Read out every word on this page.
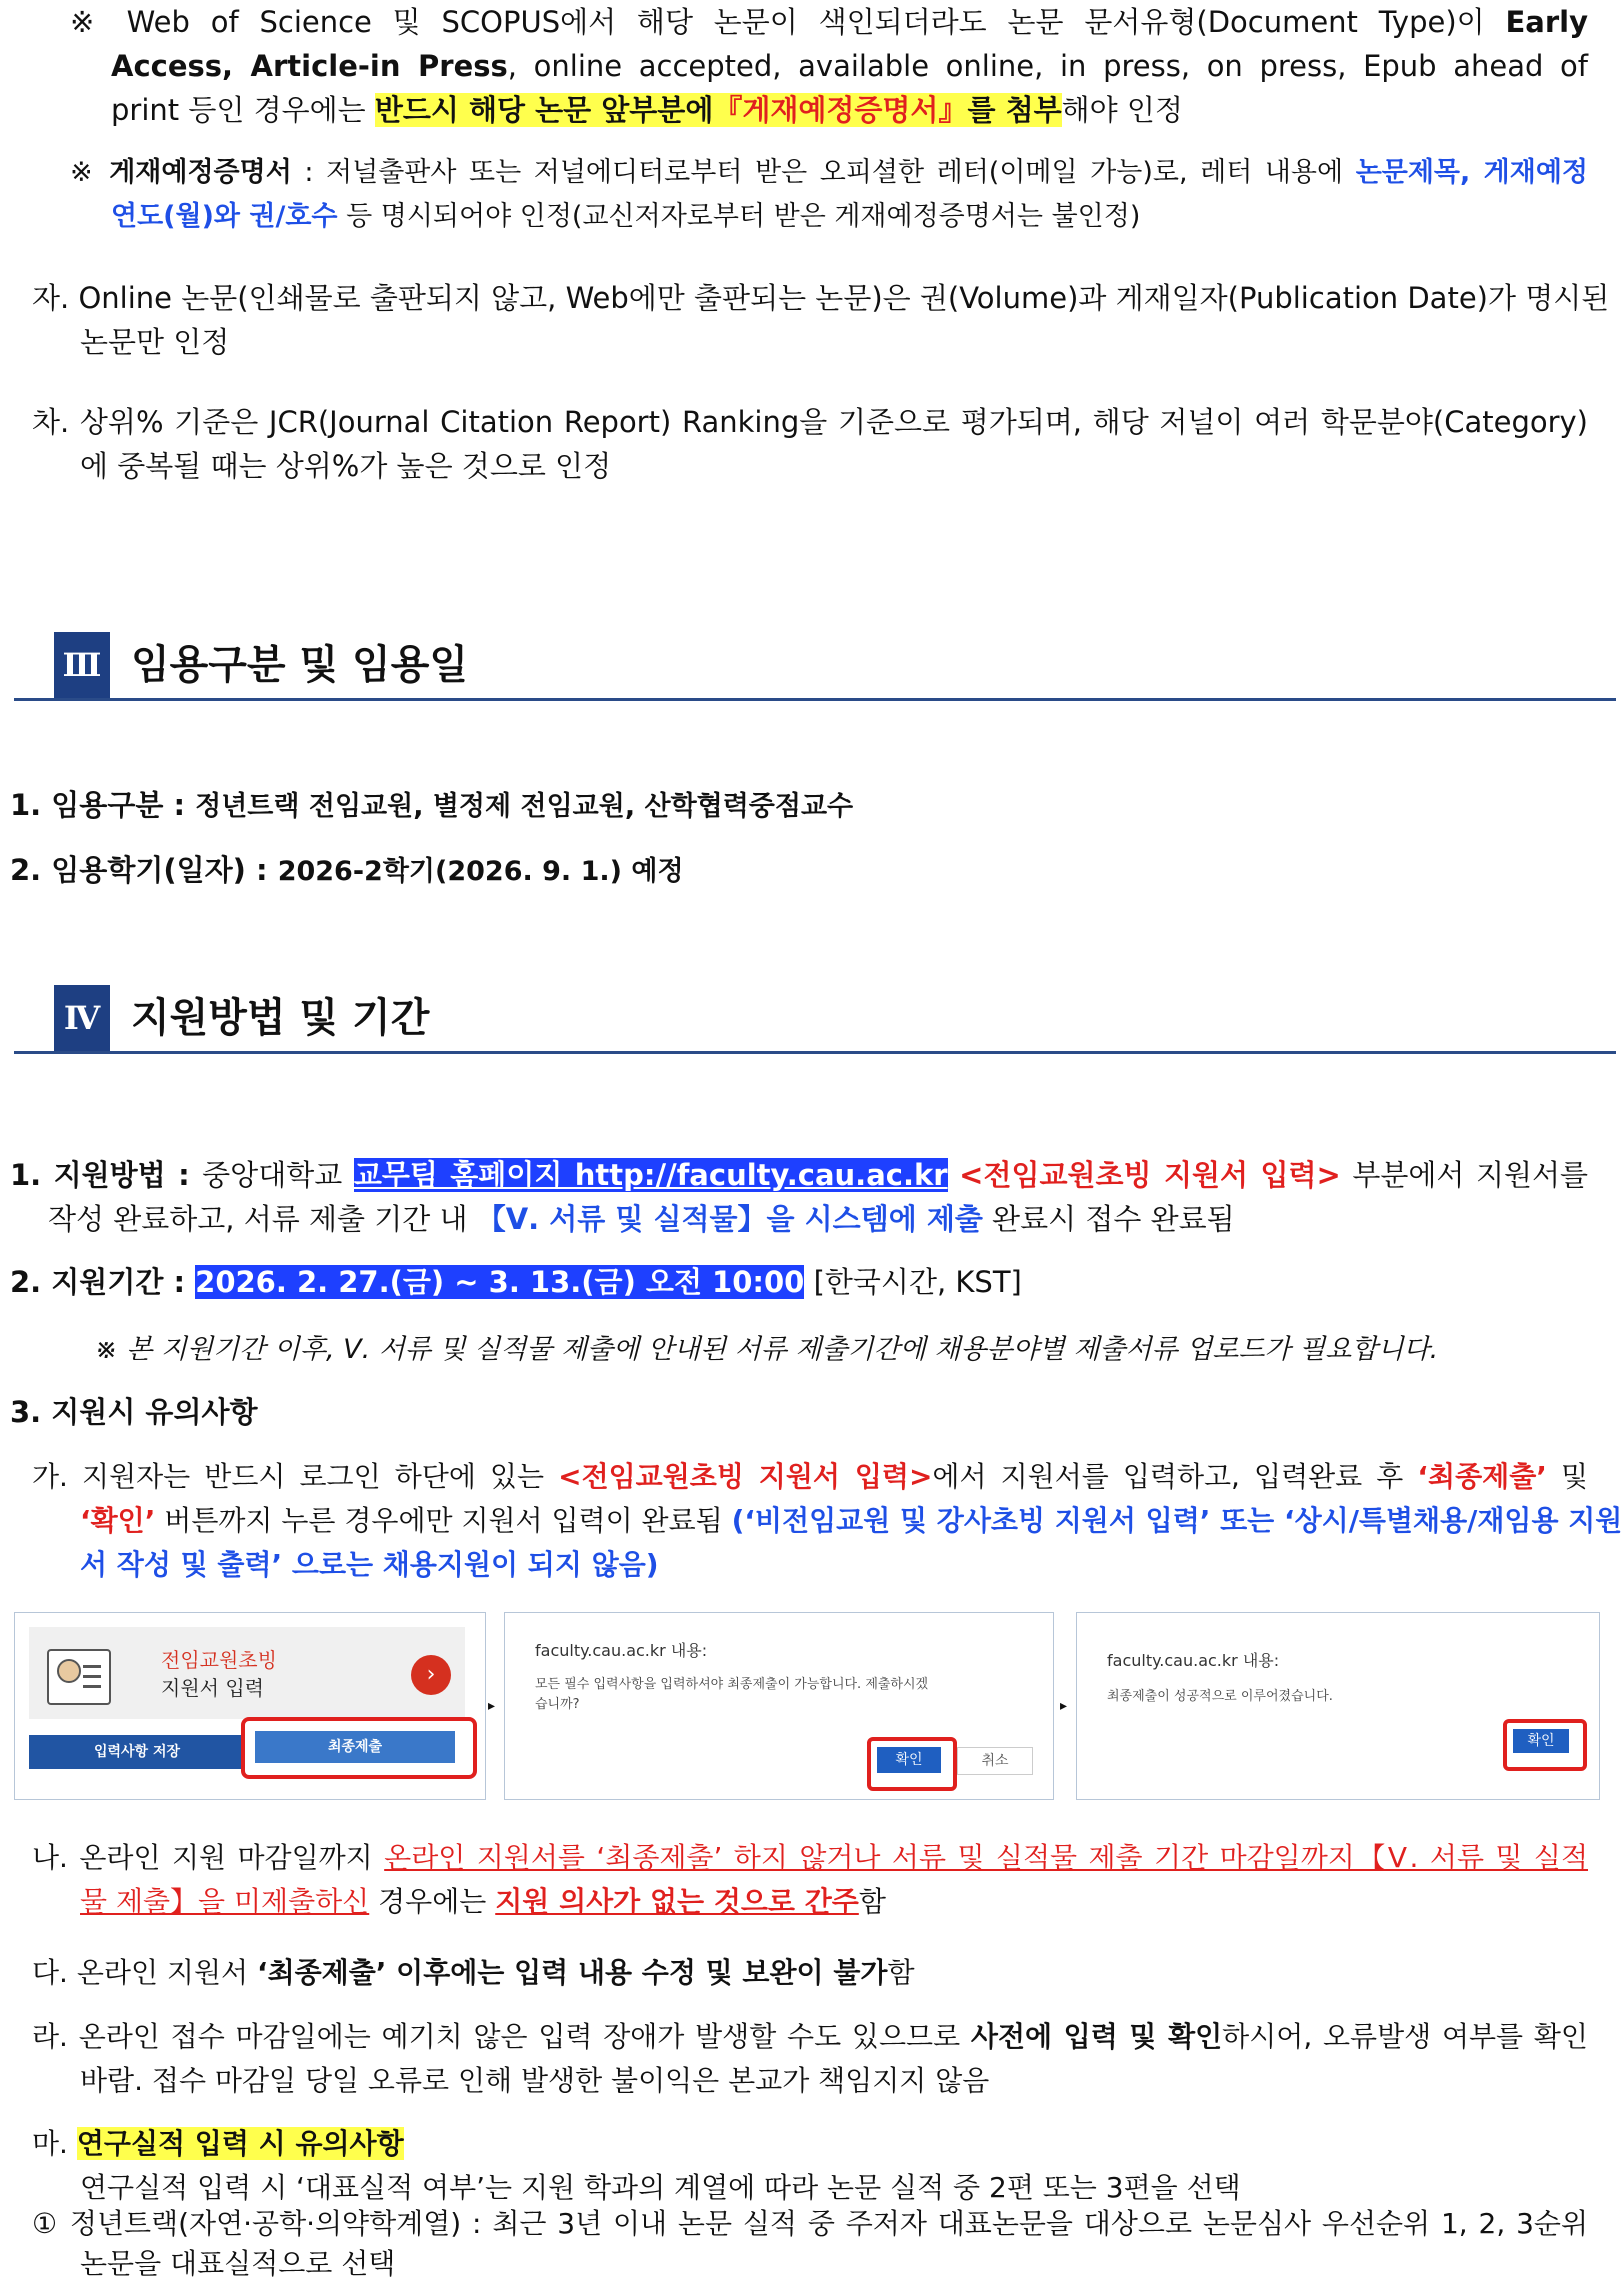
※ Web of Science 및 SCOPUS에서 해당 논문이 색인되더라도 논문 문서유형(Document Type)이 Early
Access, Article-in Press, online accepted, available online, in press, on press, Epub ahead of
print 등인 경우에는 반드시 해당 논문 앞부분에『게재예정증명서』를 첨부해야 인정
※ 게재예정증명서 : 저널출판사 또는 저널에디터로부터 받은 오피셜한 레터(이메일 가능)로, 레터 내용에 논문제목, 게재예정
연도(월)와 권/호수 등 명시되어야 인정(교신저자로부터 받은 게재예정증명서는 불인정)
자. Online 논문(인쇄물로 출판되지 않고, Web에만 출판되는 논문)은 권(Volume)과 게재일자(Publication Date)가 명시된
논문만 인정
차. 상위% 기준은 JCR(Journal Citation Report) Ranking을 기준으로 평가되며, 해당 저널이 여러 학문분야(Category)
에 중복될 때는 상위%가 높은 것으로 인정
Ⅲ 임용구분 및 임용일
1. 임용구분 : 정년트랙 전임교원, 별정제 전임교원, 산학협력중점교수
2. 임용학기(일자) : 2026-2학기(2026. 9. 1.) 예정
Ⅳ 지원방법 및 기간
1. 지원방법 : 중앙대학교 교무팀 홈페이지 http://faculty.cau.ac.kr <전임교원초빙 지원서 입력> 부분에서 지원서를
작성 완료하고, 서류 제출 기간 내 【Ⅴ. 서류 및 실적물】을 시스템에 제출 완료시 접수 완료됨
2. 지원기간 : 2026. 2. 27.(금) ~ 3. 13.(금) 오전 10:00 [한국시간, KST]
※ 본 지원기간 이후, Ⅴ. 서류 및 실적물 제출에 안내된 서류 제출기간에 채용분야별 제출서류 업로드가 필요합니다.
3. 지원시 유의사항
가. 지원자는 반드시 로그인 하단에 있는 <전임교원초빙 지원서 입력>에서 지원서를 입력하고, 입력완료 후 ‘최종제출’ 및
‘확인’ 버튼까지 누른 경우에만 지원서 입력이 완료됨 (‘비전임교원 및 강사초빙 지원서 입력’ 또는 ‘상시/특별채용/재임용 지원
서 작성 및 출력’ 으로는 채용지원이 되지 않음)
전임교원초빙
지원서 입력
›
입력사항 저장	최종제출
▸
faculty.cau.ac.kr 내용:
모든 필수 입력사항을 입력하셔야 최종제출이 가능합니다. 제출하시겠
습니까?
확인	취소
▸
faculty.cau.ac.kr 내용:
최종제출이 성공적으로 이루어졌습니다.
확인
나. 온라인 지원 마감일까지 온라인 지원서를 ‘최종제출’ 하지 않거나 서류 및 실적물 제출 기간 마감일까지【Ⅴ. 서류 및 실적
물 제출】을 미제출하신 경우에는 지원 의사가 없는 것으로 간주함
다. 온라인 지원서 ‘최종제출’ 이후에는 입력 내용 수정 및 보완이 불가함
라. 온라인 접수 마감일에는 예기치 않은 입력 장애가 발생할 수도 있으므로 사전에 입력 및 확인하시어, 오류발생 여부를 확인
바람. 접수 마감일 당일 오류로 인해 발생한 불이익은 본교가 책임지지 않음
마. 연구실적 입력 시 유의사항
연구실적 입력 시 ‘대표실적 여부’는 지원 학과의 계열에 따라 논문 실적 중 2편 또는 3편을 선택
① 정년트랙(자연·공학·의약학계열) : 최근 3년 이내 논문 실적 중 주저자 대표논문을 대상으로 논문심사 우선순위 1, 2, 3순위
논문을 대표실적으로 선택
